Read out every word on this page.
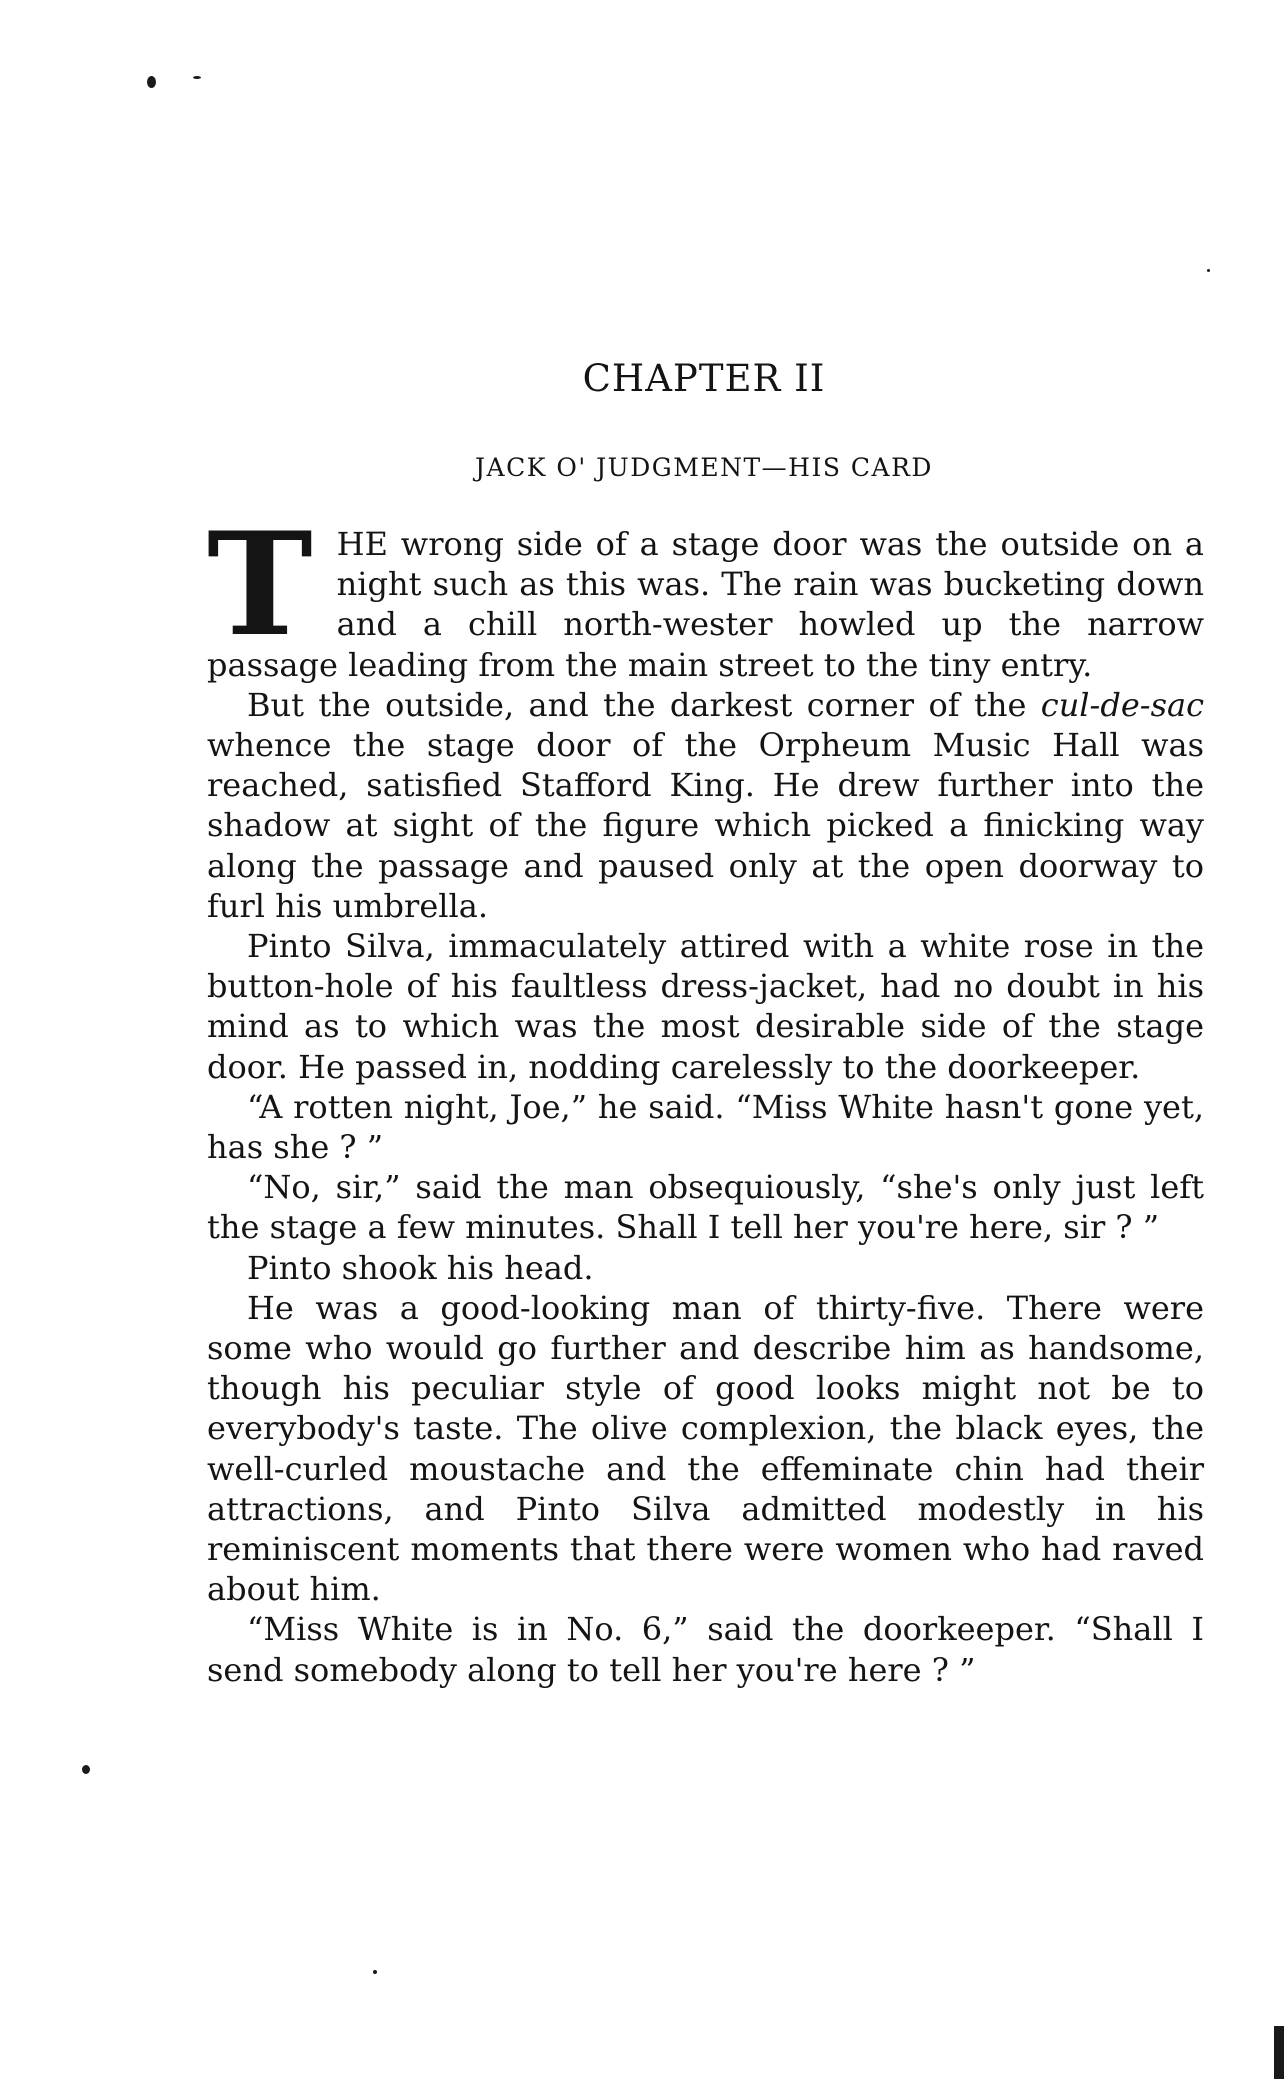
CHAPTER II
JACK O' JUDGMENT—HIS CARD

THE wrong side of a stage door was the outside on a night such as this was. The rain was bucketing down and a chill north-wester howled up the narrow passage leading from the main street to the tiny entry.

But the outside, and the darkest corner of the cul-de-sac whence the stage door of the Orpheum Music Hall was reached, satisfied Stafford King. He drew further into the shadow at sight of the figure which picked a finicking way along the passage and paused only at the open doorway to furl his umbrella.

Pinto Silva, immaculately attired with a white rose in the button-hole of his faultless dress-jacket, had no doubt in his mind as to which was the most desirable side of the stage door. He passed in, nodding carelessly to the doorkeeper.

“A rotten night, Joe,” he said. “Miss White hasn't gone yet, has she ? ”

“No, sir,” said the man obsequiously, “she's only just left the stage a few minutes. Shall I tell her you're here, sir ? ”

Pinto shook his head.

He was a good-looking man of thirty-five. There were some who would go further and describe him as handsome, though his peculiar style of good looks might not be to everybody's taste. The olive complexion, the black eyes, the well-curled moustache and the effeminate chin had their attractions, and Pinto Silva admitted modestly in his reminiscent moments that there were women who had raved about him.

“Miss White is in No. 6,” said the doorkeeper. “Shall I send somebody along to tell her you're here ? ”
